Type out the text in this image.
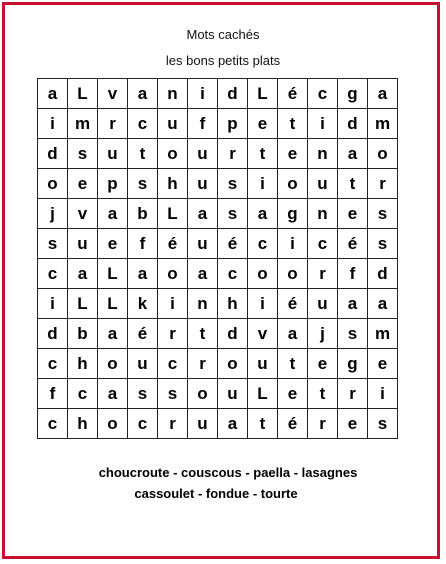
Mots cachés
les bons petits plats
a	L	v	a	n	i	d	L	é	c	g	a
i	m	r	c	u	f	p	e	t	i	d	m
d	s	u	t	o	u	r	t	e	n	a	o
o	e	p	s	h	u	s	i	o	u	t	r
j	v	a	b	L	a	s	a	g	n	e	s
s	u	e	f	é	u	é	c	i	c	é	s
c	a	L	a	o	a	c	o	o	r	f	d
i	L	L	k	i	n	h	i	é	u	a	a
d	b	a	é	r	t	d	v	a	j	s	m
c	h	o	u	c	r	o	u	t	e	g	e
f	c	a	s	s	o	u	L	e	t	r	i
c	h	o	c	r	u	a	t	é	r	e	s
choucroute - couscous - paella - lasagnes
cassoulet - fondue - tourte
